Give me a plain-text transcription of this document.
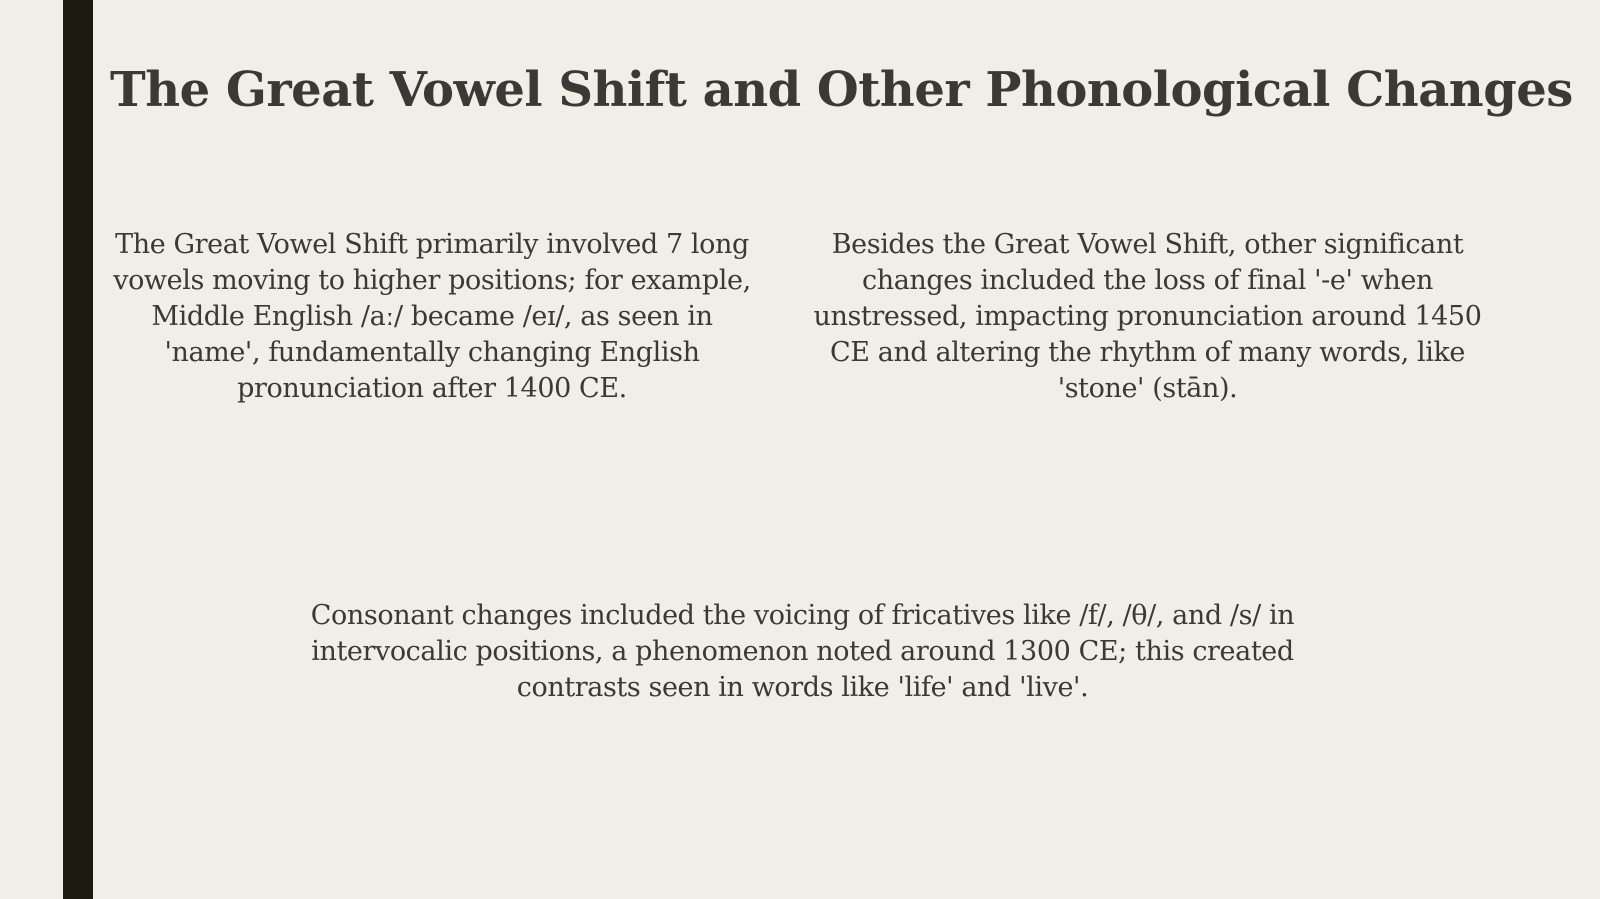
The Great Vowel Shift and Other Phonological Changes

The Great Vowel Shift primarily involved 7 long vowels moving to higher positions; for example, Middle English /aː/ became /eɪ/, as seen in 'name', fundamentally changing English pronunciation after 1400 CE.

Besides the Great Vowel Shift, other significant changes included the loss of final '-e' when unstressed, impacting pronunciation around 1450 CE and altering the rhythm of many words, like 'stone' (stān).

Consonant changes included the voicing of fricatives like /f/, /θ/, and /s/ in intervocalic positions, a phenomenon noted around 1300 CE; this created contrasts seen in words like 'life' and 'live'.
